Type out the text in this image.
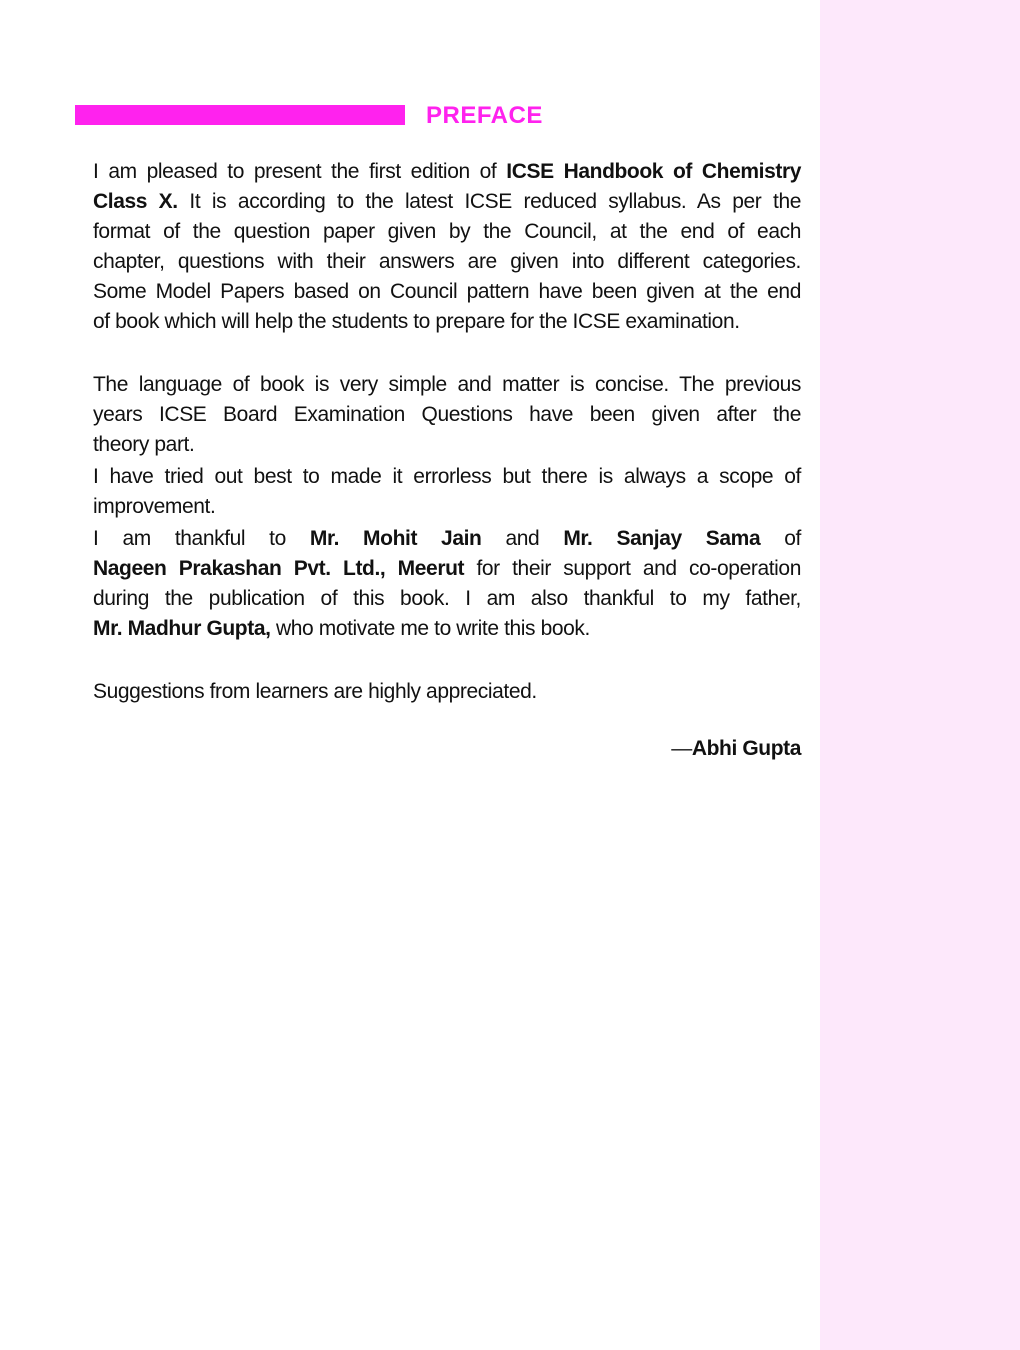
PREFACE
I am pleased to present the first edition of ICSE Handbook of Chemistry
Class X. It is according to the latest ICSE reduced syllabus. As per the
format of the question paper given by the Council, at the end of each
chapter, questions with their answers are given into different categories.
Some Model Papers based on Council pattern have been given at the end
of book which will help the students to prepare for the ICSE examination.
The language of book is very simple and matter is concise. The previous
years ICSE Board Examination Questions have been given after the
theory part.
I have tried out best to made it errorless but there is always a scope of
improvement.
I am thankful to Mr. Mohit Jain and Mr. Sanjay Sama of
Nageen Prakashan Pvt. Ltd., Meerut for their support and co-operation
during the publication of this book. I am also thankful to my father,
Mr. Madhur Gupta, who motivate me to write this book.
Suggestions from learners are highly appreciated.
—Abhi Gupta
